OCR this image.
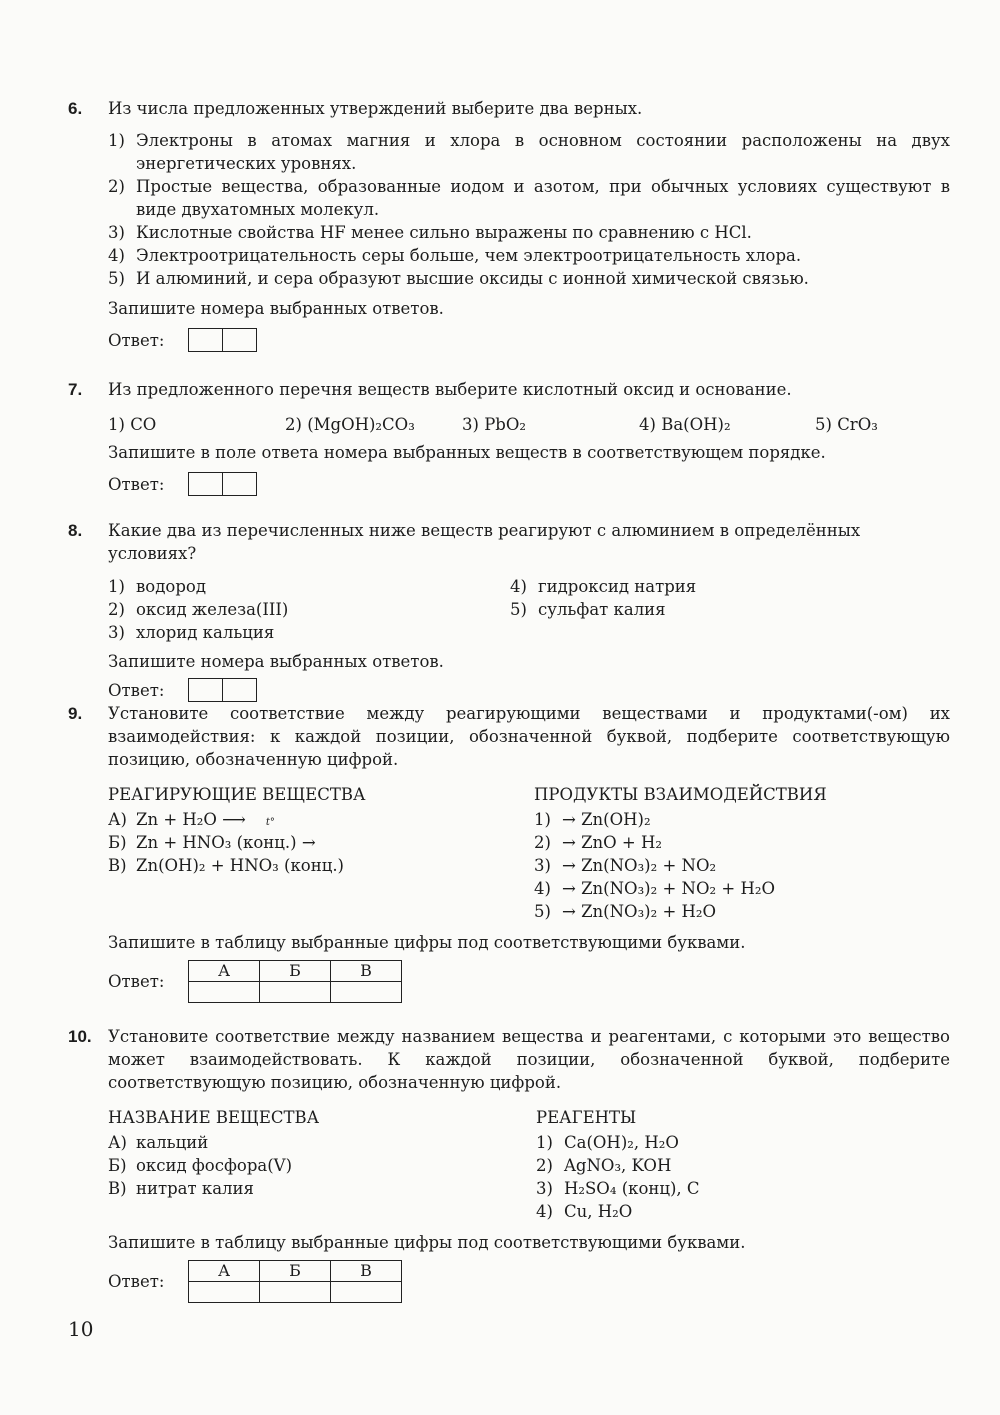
6. Из числа предложенных утверждений выберите два верных.
1) Электроны в атомах магния и хлора в основном состоянии расположены на двух энергетических уровнях.
2) Простые вещества, образованные иодом и азотом, при обычных условиях существуют в виде двухатомных молекул.
3) Кислотные свойства HF менее сильно выражены по сравнению с HCl.
4) Электроотрицательность серы больше, чем электроотрицательность хлора.
5) И алюминий, и сера образуют высшие оксиды с ионной химической связью.
Запишите номера выбранных ответов.
Ответ:
7. Из предложенного перечня веществ выберите кислотный оксид и основание.
1) CO	2) (MgOH)₂CO₃	3) PbO₂	4) Ba(OH)₂	5) CrO₃
Запишите в поле ответа номера выбранных веществ в соответствующем порядке.
Ответ:
8. Какие два из перечисленных ниже веществ реагируют с алюминием в определённых условиях?
1) водород
2) оксид железа(III)
3) хлорид кальция
4) гидроксид натрия
5) сульфат калия
Запишите номера выбранных ответов.
Ответ:
9. Установите соответствие между реагирующими веществами и продуктами(-ом) их взаимодействия: к каждой позиции, обозначенной буквой, подберите соответствующую позицию, обозначенную цифрой.
РЕАГИРУЮЩИЕ ВЕЩЕСТВА
А) Zn + H₂O ⟶ t°
Б) Zn + HNO₃ (конц.) →
В) Zn(OH)₂ + HNO₃ (конц.)
ПРОДУКТЫ ВЗАИМОДЕЙСТВИЯ
1) → Zn(OH)₂
2) → ZnO + H₂
3) → Zn(NO₃)₂ + NO₂
4) → Zn(NO₃)₂ + NO₂ + H₂O
5) → Zn(NO₃)₂ + H₂O
Запишите в таблицу выбранные цифры под соответствующими буквами.
Ответ:
А	Б	В

10. Установите соответствие между названием вещества и реагентами, с которыми это вещество может взаимодействовать. К каждой позиции, обозначенной буквой, подберите соответствующую позицию, обозначенную цифрой.
НАЗВАНИЕ ВЕЩЕСТВА
А) кальций
Б) оксид фосфора(V)
В) нитрат калия
РЕАГЕНТЫ
1) Ca(OH)₂, H₂O
2) AgNO₃, KOH
3) H₂SO₄ (конц), C
4) Cu, H₂O
Запишите в таблицу выбранные цифры под соответствующими буквами.
Ответ:
А	Б	В

10
